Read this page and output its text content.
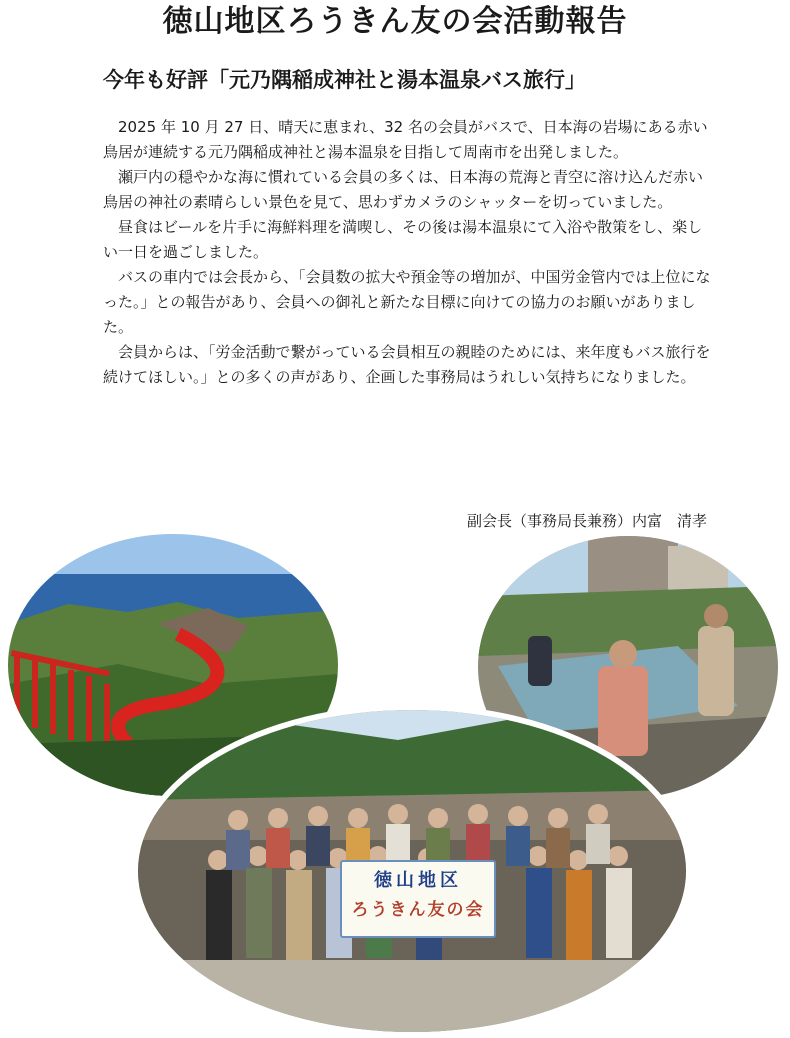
徳山地区ろうきん友の会活動報告
今年も好評「元乃隅稲成神社と湯本温泉バス旅行」

2025 年 10 月 27 日、晴天に恵まれ、32 名の会員がバスで、日本海の岩場にある赤い鳥居が連続する元乃隅稲成神社と湯本温泉を目指して周南市を出発しました。

瀬戸内の穏やかな海に慣れている会員の多くは、日本海の荒海と青空に溶け込んだ赤い鳥居の神社の素晴らしい景色を見て、思わずカメラのシャッターを切っていました。

昼食はビールを片手に海鮮料理を満喫し、その後は湯本温泉にて入浴や散策をし、楽しい一日を過ごしました。

バスの車内では会長から、「会員数の拡大や預金等の増加が、中国労金管内では上位になった。」との報告があり、会員への御礼と新たな目標に向けての協力のお願いがありました。

会員からは、「労金活動で繋がっている会員相互の親睦のためには、来年度もバス旅行を続けてほしい。」との多くの声があり、企画した事務局はうれしい気持ちになりました。

副会長（事務局長兼務）内富　清孝
徳山地区
ろうきん友の会
